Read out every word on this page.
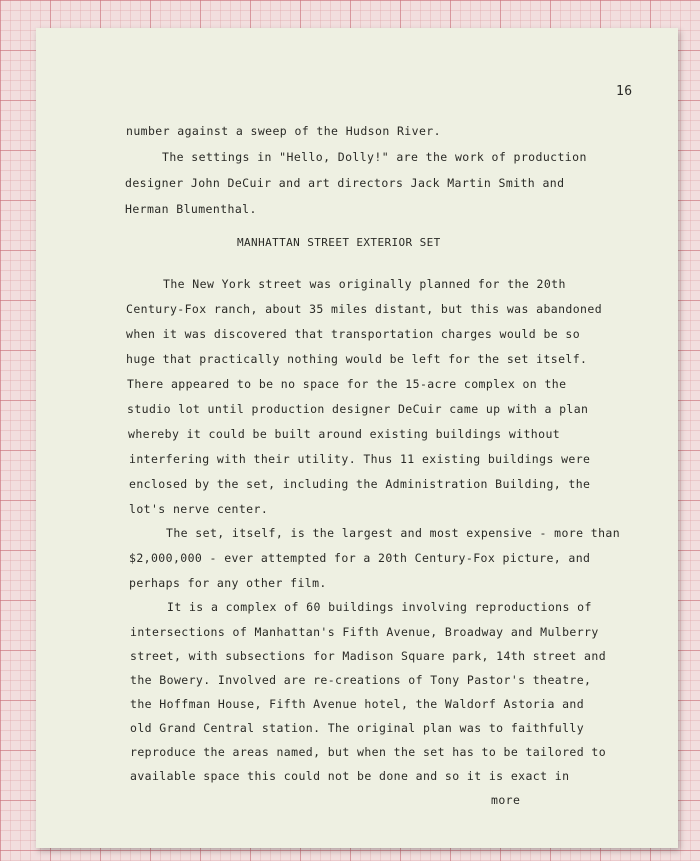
16
number against a sweep of the Hudson River.
The settings in "Hello, Dolly!" are the work of production
designer John DeCuir and art directors Jack Martin Smith and
Herman Blumenthal.
MANHATTAN STREET EXTERIOR SET
The New York street was originally planned for the 20th
Century-Fox ranch, about 35 miles distant, but this was abandoned
when it was discovered that transportation charges would be so
huge that practically nothing would be left for the set itself.
There appeared to be no space for the 15-acre complex on the
studio lot until production designer DeCuir came up with a plan
whereby it could be built around existing buildings without
interfering with their utility. Thus 11 existing buildings were
enclosed by the set, including the Administration Building, the
lot's nerve center.
The set, itself, is the largest and most expensive - more than
$2,000,000 - ever attempted for a 20th Century-Fox picture, and
perhaps for any other film.
It is a complex of 60 buildings involving reproductions of
intersections of Manhattan's Fifth Avenue, Broadway and Mulberry
street, with subsections for Madison Square park, 14th street and
the Bowery. Involved are re-creations of Tony Pastor's theatre,
the Hoffman House, Fifth Avenue hotel, the Waldorf Astoria and
old Grand Central station. The original plan was to faithfully
reproduce the areas named, but when the set has to be tailored to
available space this could not be done and so it is exact in
more
